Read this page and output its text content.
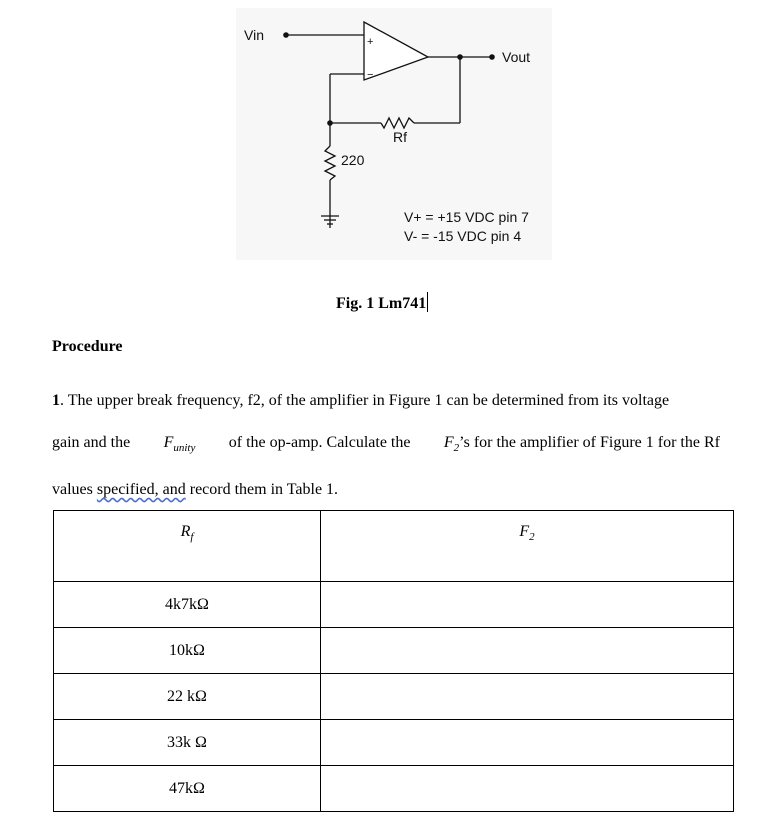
Vin
Vout
+
−
Rf
220
V+ = +15 VDC pin 7
V- = -15 VDC pin 4
Fig. 1 Lm741
Procedure
1. The upper break frequency, f2, of the amplifier in Figure 1 can be determined from its voltage
gain and the $F_{unity}$ of the op-amp. Calculate the $F_2’s$ for the amplifier of Figure 1 for the Rf
values specified, and record them in Table 1.
$R_f$	$F_2$
4k7kΩ	
10kΩ	
22 kΩ	
33k Ω	
47kΩ	
